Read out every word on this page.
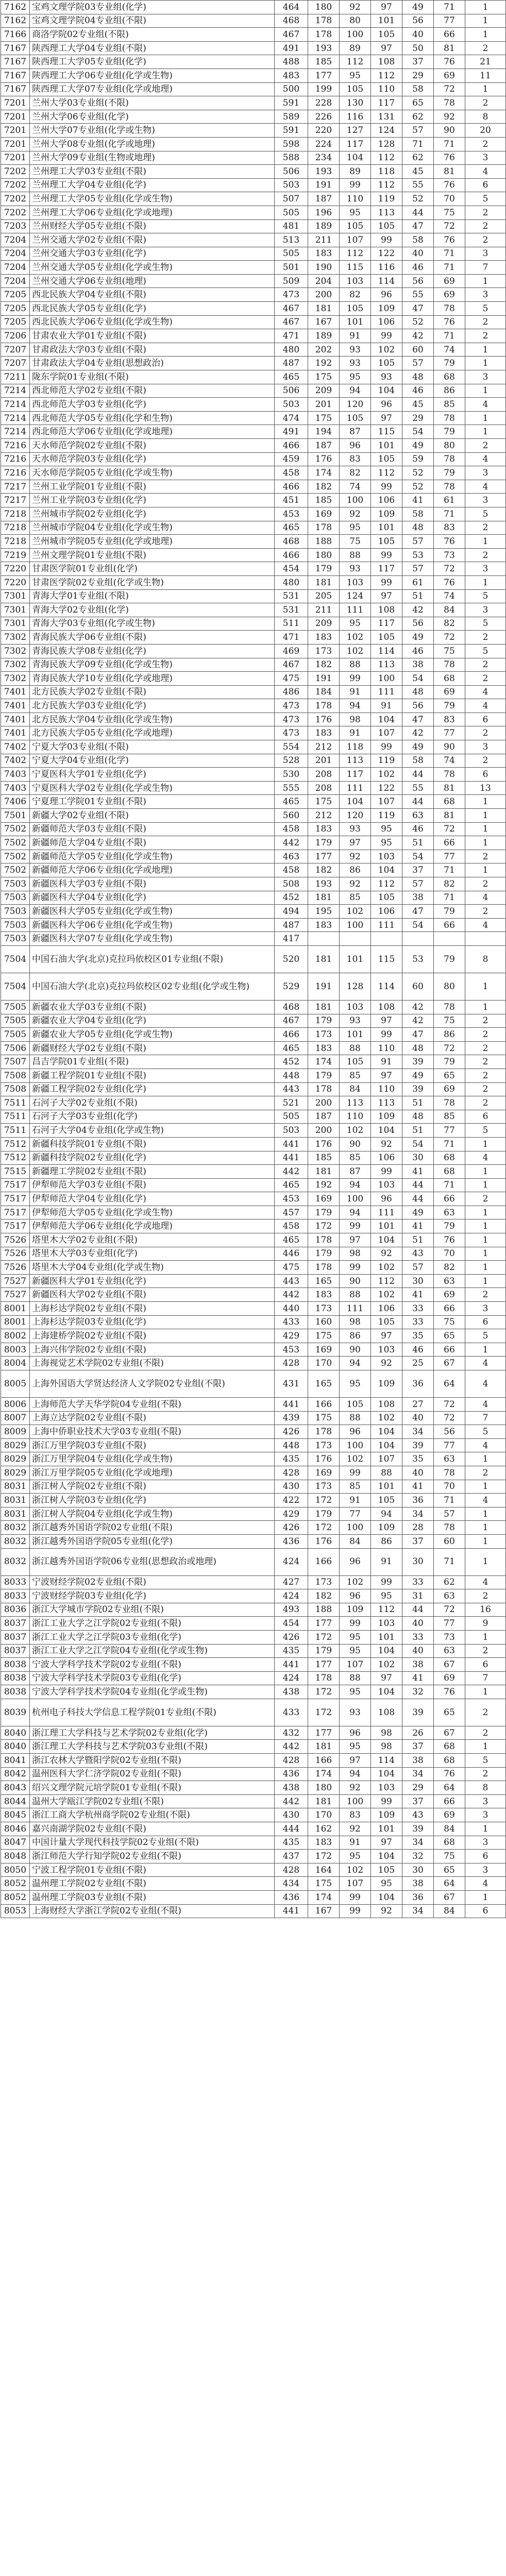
7162	宝鸡文理学院03专业组(化学)	464	180	92	97	49	71	1
7162	宝鸡文理学院04专业组(不限)	468	178	80	101	56	77	1
7166	商洛学院02专业组(不限)	467	178	100	105	40	66	1
7167	陕西理工大学04专业组(不限)	491	193	89	97	50	81	2
7167	陕西理工大学05专业组(化学)	488	185	112	108	37	76	21
7167	陕西理工大学06专业组(化学或生物)	483	177	95	112	29	69	11
7167	陕西理工大学07专业组(化学或地理)	500	199	105	110	58	72	1
7201	兰州大学03专业组(不限)	591	228	130	117	65	78	2
7201	兰州大学06专业组(化学)	589	226	116	131	62	92	8
7201	兰州大学07专业组(化学或生物)	591	220	127	124	57	90	20
7201	兰州大学08专业组(化学或地理)	598	224	117	128	71	71	2
7201	兰州大学09专业组(生物或地理)	588	234	104	112	62	76	3
7202	兰州理工大学03专业组(不限)	506	193	89	118	45	81	4
7202	兰州理工大学04专业组(化学)	503	191	99	112	55	76	6
7202	兰州理工大学05专业组(化学或生物)	507	187	110	119	52	70	5
7202	兰州理工大学06专业组(化学或地理)	505	196	95	113	44	75	2
7203	兰州财经大学05专业组(不限)	481	189	105	105	47	72	2
7204	兰州交通大学02专业组(不限)	513	211	107	99	58	76	2
7204	兰州交通大学03专业组(化学)	505	183	112	122	40	71	3
7204	兰州交通大学05专业组(化学或生物)	501	190	115	116	46	71	7
7204	兰州交通大学06专业组(地理)	509	204	103	114	56	69	1
7205	西北民族大学04专业组(不限)	473	200	82	96	55	69	3
7205	西北民族大学05专业组(化学)	467	181	105	109	47	78	5
7205	西北民族大学06专业组(化学或生物)	467	167	101	106	52	76	2
7206	甘肃农业大学01专业组(不限)	471	189	91	99	42	71	2
7207	甘肃政法大学03专业组(不限)	480	202	93	102	60	74	1
7207	甘肃政法大学04专业组(思想政治)	487	192	93	105	57	79	1
7211	陇东学院01专业组(不限)	465	175	95	93	48	68	3
7214	西北师范大学02专业组(不限)	506	209	94	104	46	86	1
7214	西北师范大学03专业组(化学)	503	201	120	96	45	85	4
7214	西北师范大学05专业组(化学和生物)	474	175	105	97	29	78	1
7214	西北师范大学06专业组(化学或地理)	491	194	87	115	54	79	1
7216	天水师范学院02专业组(不限)	466	187	96	101	49	80	2
7216	天水师范学院03专业组(化学)	459	176	83	105	59	78	4
7216	天水师范学院05专业组(化学或生物)	458	174	82	112	52	79	3
7217	兰州工业学院01专业组(不限)	466	182	74	99	52	78	4
7217	兰州工业学院03专业组(化学)	451	185	100	106	41	61	3
7218	兰州城市学院02专业组(化学)	453	169	92	109	58	71	5
7218	兰州城市学院04专业组(化学或生物)	465	178	95	101	48	83	2
7218	兰州城市学院05专业组(化学或地理)	468	188	75	105	57	76	1
7219	兰州文理学院01专业组(不限)	466	180	88	99	53	73	2
7220	甘肃医学院01专业组(化学)	454	179	93	117	57	72	3
7220	甘肃医学院02专业组(化学或生物)	480	181	103	99	61	76	1
7301	青海大学01专业组(不限)	531	205	124	97	51	74	5
7301	青海大学02专业组(化学)	531	211	111	108	42	84	3
7301	青海大学03专业组(化学或生物)	511	209	95	117	56	82	5
7302	青海民族大学06专业组(不限)	471	183	102	105	49	72	2
7302	青海民族大学08专业组(化学)	469	173	102	114	46	75	5
7302	青海民族大学09专业组(化学或生物)	467	182	88	113	38	78	2
7302	青海民族大学10专业组(化学或地理)	475	191	99	100	54	68	2
7401	北方民族大学02专业组(不限)	486	184	91	111	48	69	4
7401	北方民族大学03专业组(化学)	473	178	94	91	56	79	4
7401	北方民族大学04专业组(化学或生物)	473	176	98	104	47	83	6
7401	北方民族大学05专业组(化学或地理)	473	183	91	107	42	77	2
7402	宁夏大学03专业组(不限)	554	212	118	99	49	90	3
7402	宁夏大学04专业组(化学)	528	201	113	119	58	74	2
7403	宁夏医科大学01专业组(化学)	530	208	117	102	44	78	6
7403	宁夏医科大学02专业组(化学或生物)	555	208	111	122	55	81	13
7406	宁夏理工学院01专业组(不限)	465	175	104	107	44	68	1
7501	新疆大学02专业组(不限)	560	212	120	119	63	81	1
7502	新疆师范大学03专业组(不限)	458	183	93	95	46	72	1
7502	新疆师范大学04专业组(不限)	442	179	97	95	51	66	1
7502	新疆师范大学05专业组(化学或生物)	463	177	92	103	54	77	2
7502	新疆师范大学06专业组(化学或地理)	458	182	86	104	37	71	1
7503	新疆医科大学03专业组(不限)	508	193	92	112	57	82	2
7503	新疆医科大学04专业组(化学)	452	181	85	105	38	71	4
7503	新疆医科大学05专业组(化学或生物)	494	195	102	106	47	79	2
7503	新疆医科大学06专业组(化学或生物)	487	183	100	111	54	66	4
7503	新疆医科大学07专业组(化学或生物)	417						
7504	中国石油大学(北京)克拉玛依校区01专业组(不限)	520	181	101	115	53	79	8
7504	中国石油大学(北京)克拉玛依校区02专业组(化学或生物)	529	191	128	114	60	80	1
7505	新疆农业大学03专业组(不限)	468	181	103	108	42	78	1
7505	新疆农业大学04专业组(化学)	467	179	93	97	42	75	2
7505	新疆农业大学05专业组(化学或生物)	466	173	101	99	47	86	2
7506	新疆财经大学02专业组(不限)	465	183	88	110	48	72	2
7507	昌吉学院01专业组(不限)	452	174	105	91	39	79	2
7508	新疆工程学院01专业组(不限)	448	179	85	97	49	65	2
7508	新疆工程学院02专业组(化学)	443	178	84	110	39	69	2
7511	石河子大学02专业组(不限)	521	200	113	113	51	78	2
7511	石河子大学03专业组(化学)	505	187	110	109	48	85	6
7511	石河子大学04专业组(化学或生物)	503	200	102	104	51	77	5
7512	新疆科技学院01专业组(不限)	441	176	90	92	54	71	1
7512	新疆科技学院02专业组(化学)	441	185	85	106	30	68	4
7515	新疆理工学院02专业组(不限)	442	181	87	99	41	68	1
7517	伊犁师范大学03专业组(不限)	465	192	94	103	44	71	1
7517	伊犁师范大学04专业组(化学)	453	169	100	96	44	66	2
7517	伊犁师范大学05专业组(化学或生物)	457	179	94	111	49	63	1
7517	伊犁师范大学06专业组(化学或地理)	458	172	99	101	41	79	1
7526	塔里木大学02专业组(不限)	465	178	97	104	51	76	1
7526	塔里木大学03专业组(化学)	446	179	98	92	43	70	1
7526	塔里木大学04专业组(化学或生物)	475	178	99	102	57	82	1
7527	新疆医科大学01专业组(化学)	443	165	90	112	30	63	1
7527	新疆医科大学02专业组(不限)	442	183	88	102	41	69	2
8001	上海杉达学院02专业组(不限)	440	173	111	106	33	66	3
8001	上海杉达学院03专业组(化学)	433	160	98	105	33	75	6
8002	上海建桥学院02专业组(不限)	429	175	86	97	35	65	5
8003	上海兴伟学院02专业组(不限)	453	169	90	103	46	66	1
8004	上海视觉艺术学院02专业组(不限)	428	170	94	92	25	67	4
8005	上海外国语大学贤达经济人文学院02专业组(不限)	431	165	95	109	36	64	4
8006	上海师范大学天华学院04专业组(不限)	441	166	105	108	27	72	4
8007	上海立达学院02专业组(不限)	439	175	88	102	40	72	7
8009	上海中侨职业技术大学03专业组(不限)	426	178	96	104	34	56	5
8029	浙江万里学院03专业组(不限)	448	173	100	104	39	77	4
8029	浙江万里学院04专业组(化学或生物)	435	176	102	107	35	63	1
8029	浙江万里学院05专业组(化学或地理)	428	169	99	88	40	78	2
8031	浙江树人学院02专业组(不限)	430	173	85	101	41	70	1
8031	浙江树人学院03专业组(化学)	422	172	91	105	36	71	4
8031	浙江树人学院04专业组(化学或生物)	429	179	77	94	34	57	1
8032	浙江越秀外国语学院02专业组(不限)	426	172	100	109	28	78	1
8032	浙江越秀外国语学院05专业组(化学)	436	176	84	86	37	60	1
8032	浙江越秀外国语学院06专业组(思想政治或地理)	424	166	96	91	30	71	1
8033	宁波财经学院02专业组(不限)	427	173	102	99	33	62	4
8033	宁波财经学院03专业组(化学)	424	182	96	95	31	63	2
8036	浙江大学城市学院02专业组(不限)	493	188	109	112	44	72	16
8037	浙江工业大学之江学院02专业组(不限)	454	177	99	103	40	77	9
8037	浙江工业大学之江学院03专业组(化学)	426	172	95	101	33	73	1
8037	浙江工业大学之江学院04专业组(化学或生物)	435	179	95	104	40	63	2
8038	宁波大学科学技术学院02专业组(不限)	441	177	107	102	38	67	6
8038	宁波大学科学技术学院03专业组(化学)	424	178	88	97	41	69	7
8038	宁波大学科学技术学院04专业组(化学或生物)	438	172	95	104	32	76	1
8039	杭州电子科技大学信息工程学院01专业组(不限)	433	172	93	108	39	65	2
8040	浙江理工大学科技与艺术学院02专业组(化学)	432	177	96	98	26	67	2
8040	浙江理工大学科技与艺术学院03专业组(不限)	442	181	95	98	37	68	1
8041	浙江农林大学暨阳学院02专业组(不限)	428	166	97	114	38	68	5
8042	温州医科大学仁济学院02专业组(不限)	436	174	94	104	34	76	2
8043	绍兴文理学院元培学院01专业组(不限)	438	180	92	103	29	64	8
8044	温州大学瓯江学院02专业组(不限)	442	181	100	99	37	66	3
8045	浙江工商大学杭州商学院02专业组(不限)	430	170	83	109	43	69	3
8046	嘉兴南湖学院02专业组(不限)	444	162	92	101	39	84	1
8047	中国计量大学现代科技学院02专业组(不限)	435	183	91	97	34	68	3
8048	浙江师范大学行知学院02专业组(不限)	437	172	95	104	32	75	6
8050	宁波工程学院01专业组(不限)	428	164	102	105	30	65	3
8052	温州理工学院02专业组(不限)	434	175	107	95	38	64	4
8052	温州理工学院03专业组(不限)	436	174	99	104	36	67	1
8053	上海财经大学浙江学院02专业组(不限)	441	167	99	92	34	84	6
